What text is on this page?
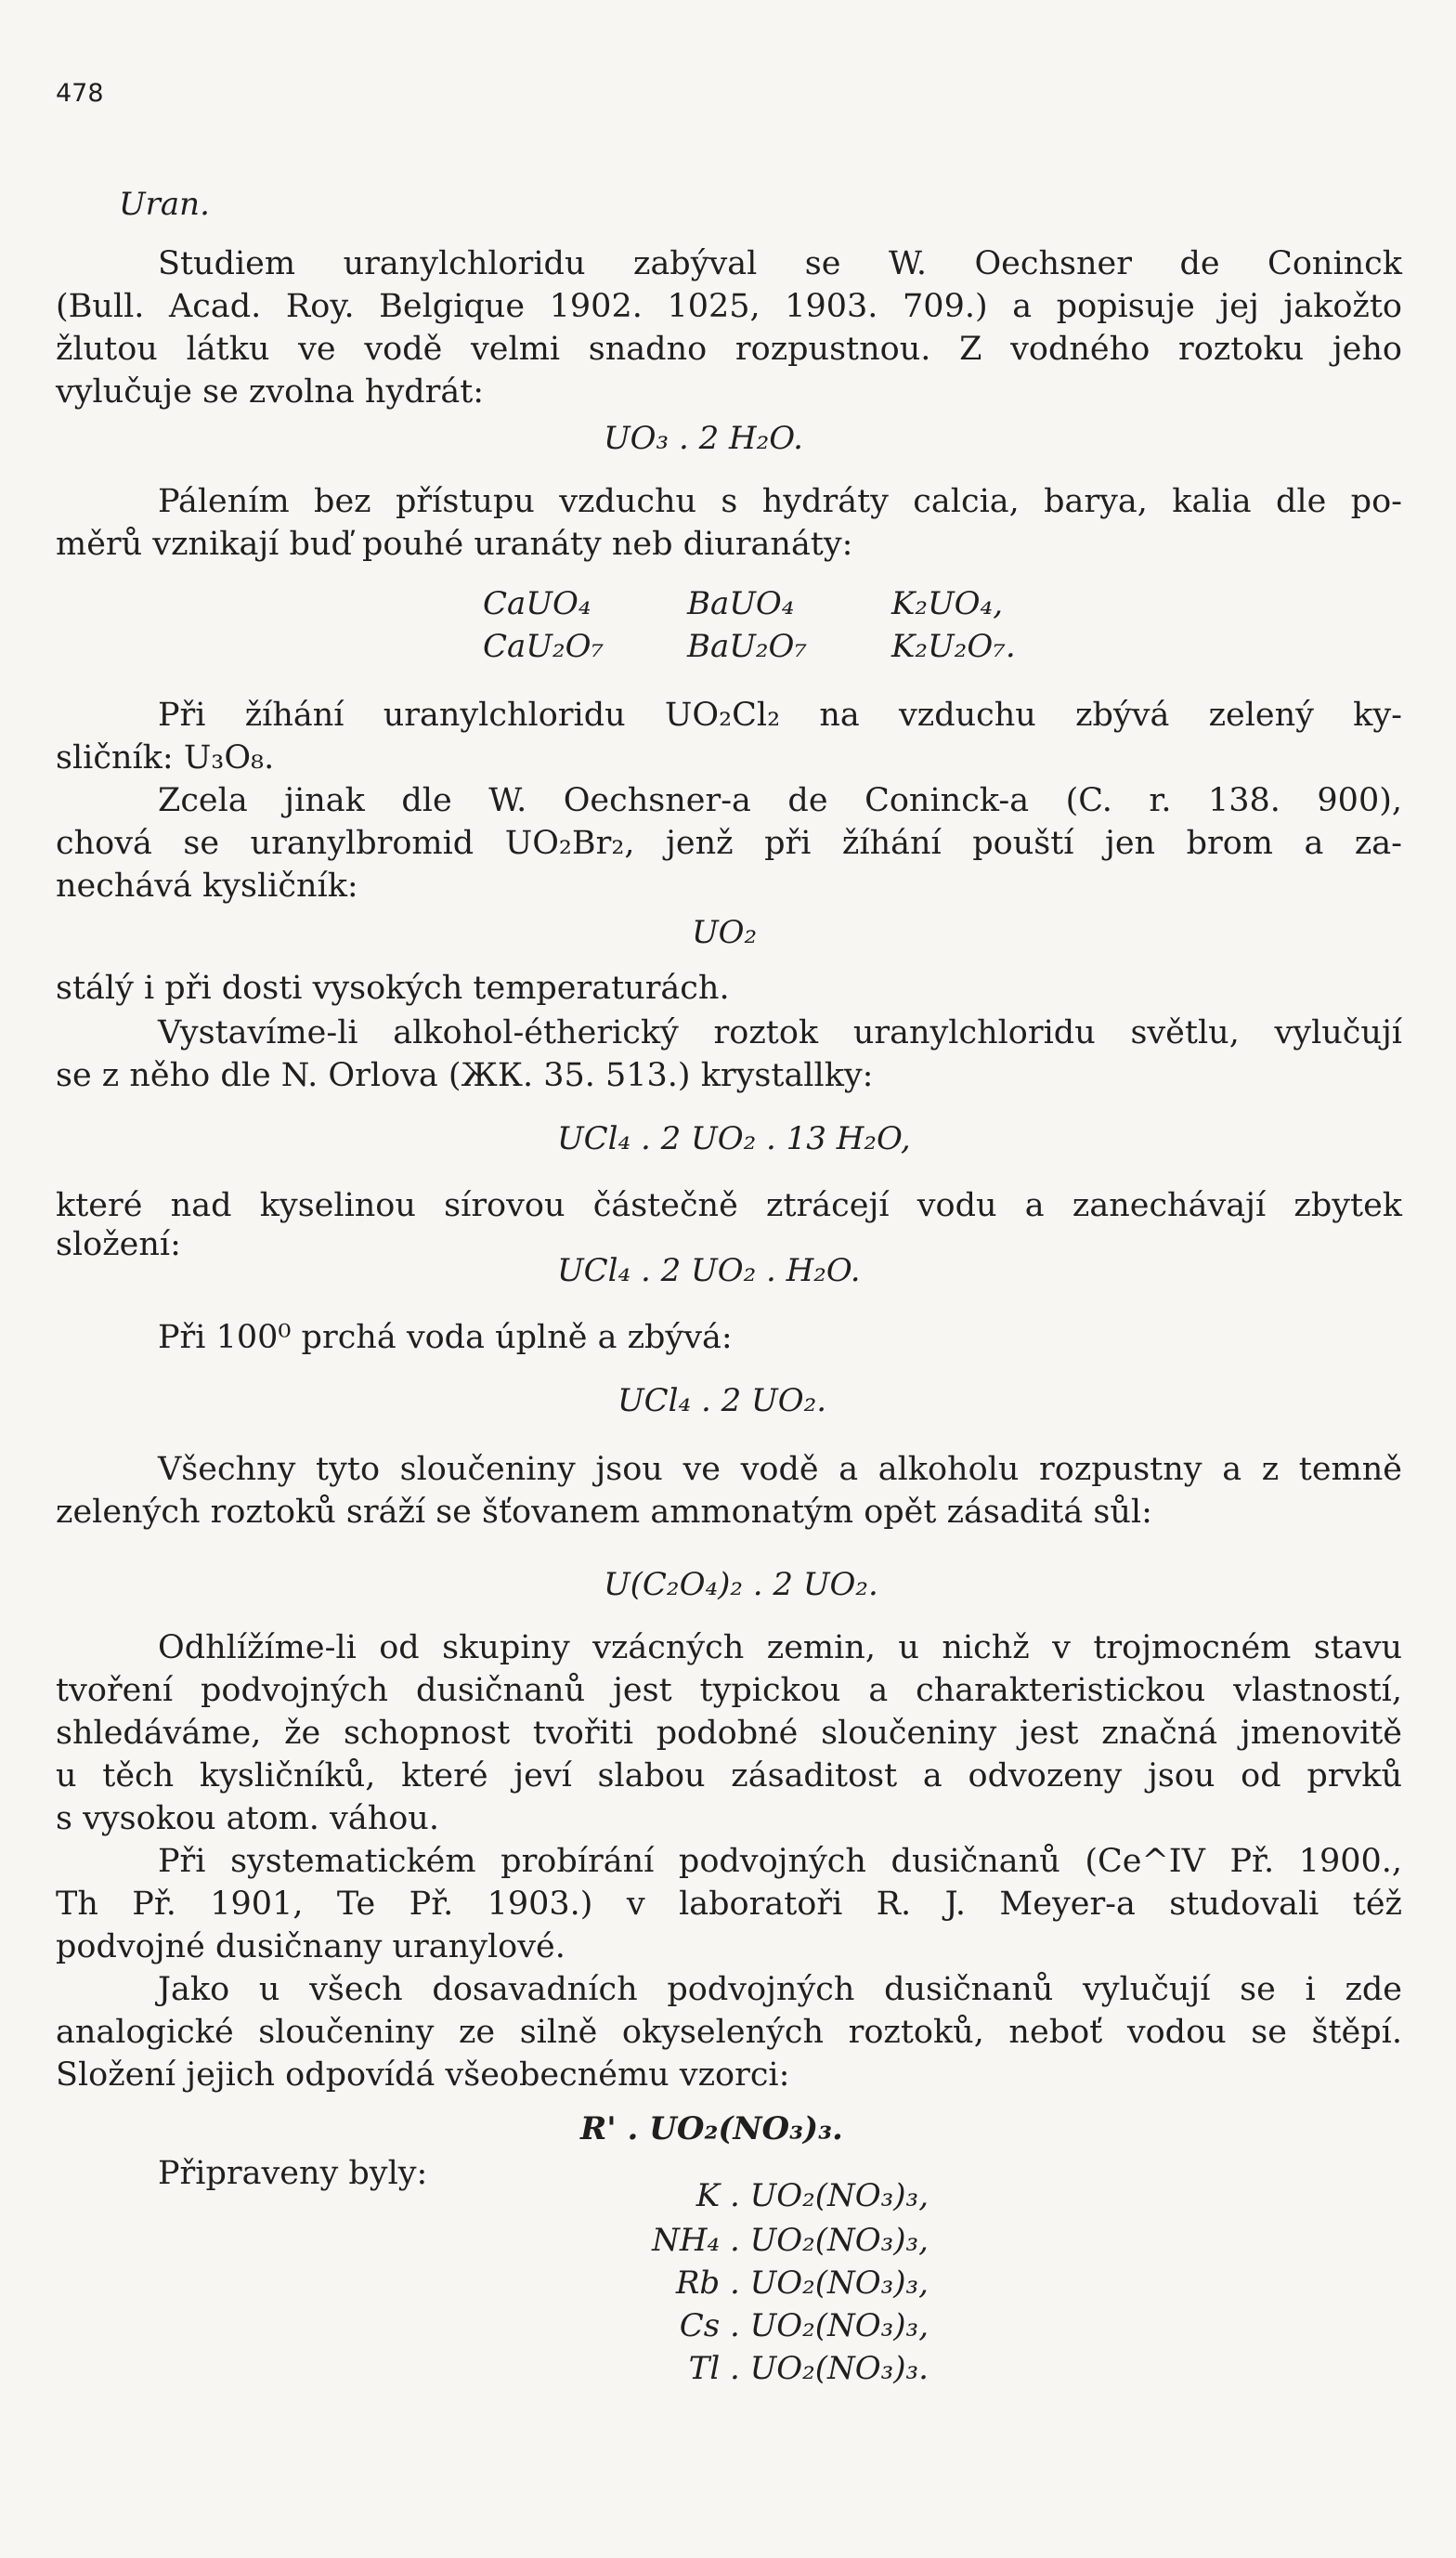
478
Uran.
Studiem uranylchloridu zabýval se W. Oechsner de Coninck
(Bull. Acad. Roy. Belgique 1902. 1025, 1903. 709.) a popisuje jej jakožto
žlutou látku ve vodě velmi snadno rozpustnou. Z vodného roztoku jeho
vylučuje se zvolna hydrát:
UO₃ . 2 H₂O.
Pálením bez přístupu vzduchu s hydráty calcia, barya, kalia dle po-
měrů vznikají buď pouhé uranáty neb diuranáty:
CaUO₄	BaUO₄	K₂UO₄,
CaU₂O₇	BaU₂O₇	K₂U₂O₇.
Při žíhání uranylchloridu UO₂Cl₂ na vzduchu zbývá zelený ky-
sličník: U₃O₈.
Zcela jinak dle W. Oechsner-a de Coninck-a (C. r. 138. 900),
chová se uranylbromid UO₂Br₂, jenž při žíhání pouští jen brom a za-
nechává kysličník:
UO₂
stálý i při dosti vysokých temperaturách.
Vystavíme-li alkohol-étherický roztok uranylchloridu světlu, vylučují
se z něho dle N. Orlova (ЖК. 35. 513.) krystallky:
UCl₄ . 2 UO₂ . 13 H₂O,
které nad kyselinou sírovou částečně ztrácejí vodu a zanechávají zbytek
složení:
UCl₄ . 2 UO₂ . H₂O.
Při 100⁰ prchá voda úplně a zbývá:
UCl₄ . 2 UO₂.
Všechny tyto sloučeniny jsou ve vodě a alkoholu rozpustny a z temně
zelených roztoků sráží se šťovanem ammonatým opět zásaditá sůl:
U(C₂O₄)₂ . 2 UO₂.
Odhlížíme-li od skupiny vzácných zemin, u nichž v trojmocném stavu
tvoření podvojných dusičnanů jest typickou a charakteristickou vlastností,
shledáváme, že schopnost tvořiti podobné sloučeniny jest značná jmenovitě
u těch kysličníků, které jeví slabou zásaditost a odvozeny jsou od prvků
s vysokou atom. váhou.
Při systematickém probírání podvojných dusičnanů (Ce^IV Př. 1900.,
Th Př. 1901, Te Př. 1903.) v laboratoři R. J. Meyer-a studovali též
podvojné dusičnany uranylové.
Jako u všech dosavadních podvojných dusičnanů vylučují se i zde
analogické sloučeniny ze silně okyselených roztoků, neboť vodou se štěpí.
Složení jejich odpovídá všeobecnému vzorci:
R' . UO₂(NO₃)₃.
Připraveny byly:
K . UO₂(NO₃)₃,
NH₄ . UO₂(NO₃)₃,
Rb . UO₂(NO₃)₃,
Cs . UO₂(NO₃)₃,
Tl . UO₂(NO₃)₃.
